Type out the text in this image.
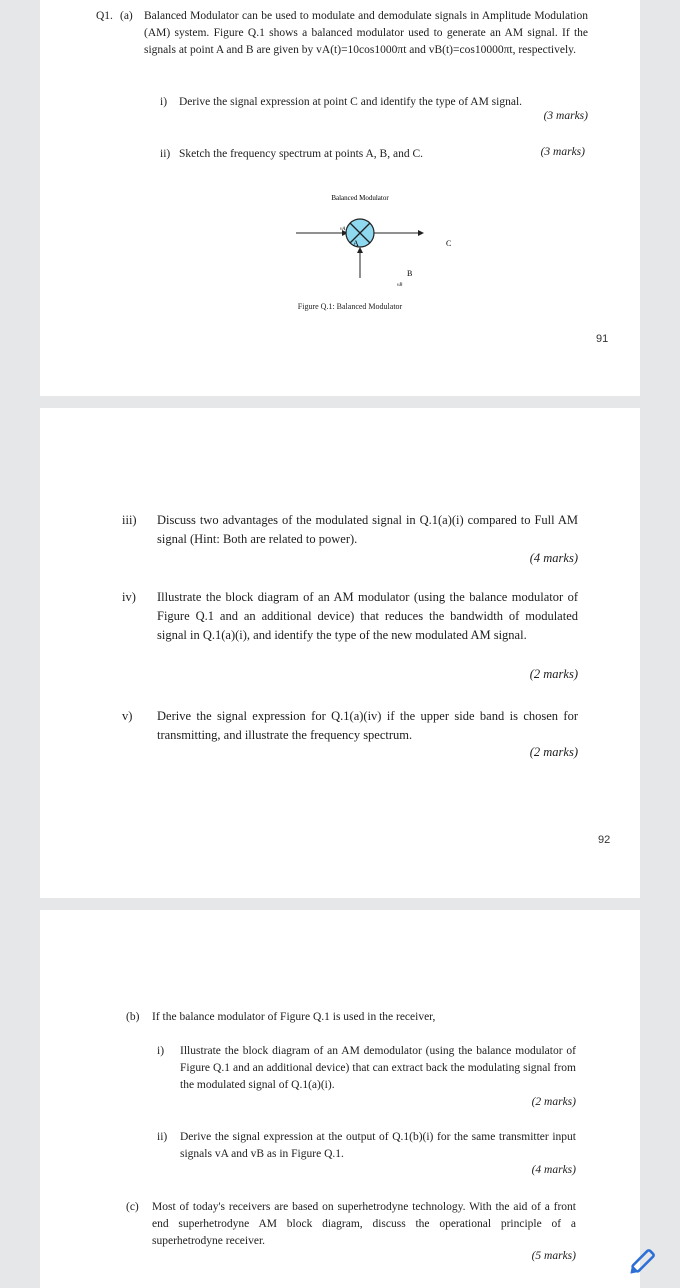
Q1. (a) Balanced Modulator can be used to modulate and demodulate signals in Amplitude Modulation (AM) system. Figure Q.1 shows a balanced modulator used to generate an AM signal. If the signals at point A and B are given by vA(t)=10cos1000πt and vB(t)=cos10000πt, respectively.
i) Derive the signal expression at point C and identify the type of AM signal.
(3 marks)
ii) Sketch the frequency spectrum at points A, B, and C.	(3 marks)
Balanced Modulator
vA
A	C
B
vB
Figure Q.1: Balanced Modulator
91
iii) Discuss two advantages of the modulated signal in Q.1(a)(i) compared to Full AM signal (Hint: Both are related to power).
(4 marks)
iv) Illustrate the block diagram of an AM modulator (using the balance modulator of Figure Q.1 and an additional device) that reduces the bandwidth of modulated signal in Q.1(a)(i), and identify the type of the new modulated AM signal.
(2 marks)
v) Derive the signal expression for Q.1(a)(iv) if the upper side band is chosen for transmitting, and illustrate the frequency spectrum.
(2 marks)
92
(b) If the balance modulator of Figure Q.1 is used in the receiver,
i) Illustrate the block diagram of an AM demodulator (using the balance modulator of Figure Q.1 and an additional device) that can extract back the modulating signal from the modulated signal of Q.1(a)(i).
(2 marks)
ii) Derive the signal expression at the output of Q.1(b)(i) for the same transmitter input signals vA and vB as in Figure Q.1.
(4 marks)
(c) Most of today's receivers are based on superhetrodyne technology. With the aid of a front end superhetrodyne AM block diagram, discuss the operational principle of a superhetrodyne receiver.
(5 marks)
